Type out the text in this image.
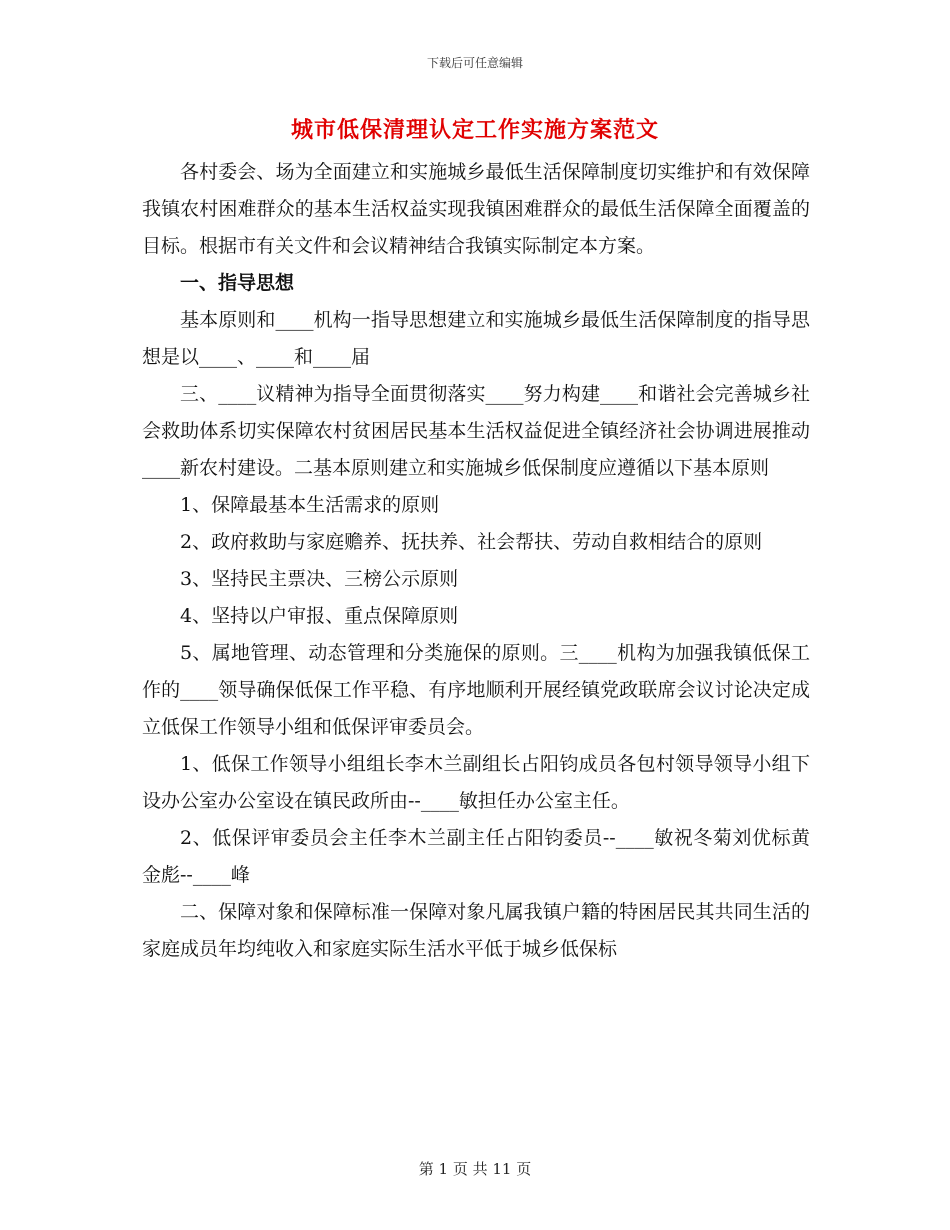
下载后可任意编辑
城市低保清理认定工作实施方案范文

各村委会、场为全面建立和实施城乡最低生活保障制度切实维护和有效保障我镇农村困难群众的基本生活权益实现我镇困难群众的最低生活保障全面覆盖的目标。根据市有关文件和会议精神结合我镇实际制定本方案。

一、指导思想

基本原则和____机构一指导思想建立和实施城乡最低生活保障制度的指导思想是以____、____和____届

三、____议精神为指导全面贯彻落实____努力构建____和谐社会完善城乡社会救助体系切实保障农村贫困居民基本生活权益促进全镇经济社会协调进展推动____新农村建设。二基本原则建立和实施城乡低保制度应遵循以下基本原则

1、保障最基本生活需求的原则

2、政府救助与家庭赡养、抚扶养、社会帮扶、劳动自救相结合的原则

3、坚持民主票决、三榜公示原则

4、坚持以户审报、重点保障原则

5、属地管理、动态管理和分类施保的原则。三____机构为加强我镇低保工作的____领导确保低保工作平稳、有序地顺利开展经镇党政联席会议讨论决定成立低保工作领导小组和低保评审委员会。

1、低保工作领导小组组长李木兰副组长占阳钧成员各包村领导领导小组下设办公室办公室设在镇民政所由--____敏担任办公室主任。

2、低保评审委员会主任李木兰副主任占阳钧委员--____敏祝冬菊刘优标黄金彪--____峰

二、保障对象和保障标准一保障对象凡属我镇户籍的特困居民其共同生活的家庭成员年均纯收入和家庭实际生活水平低于城乡低保标

第 1 页 共 11 页
